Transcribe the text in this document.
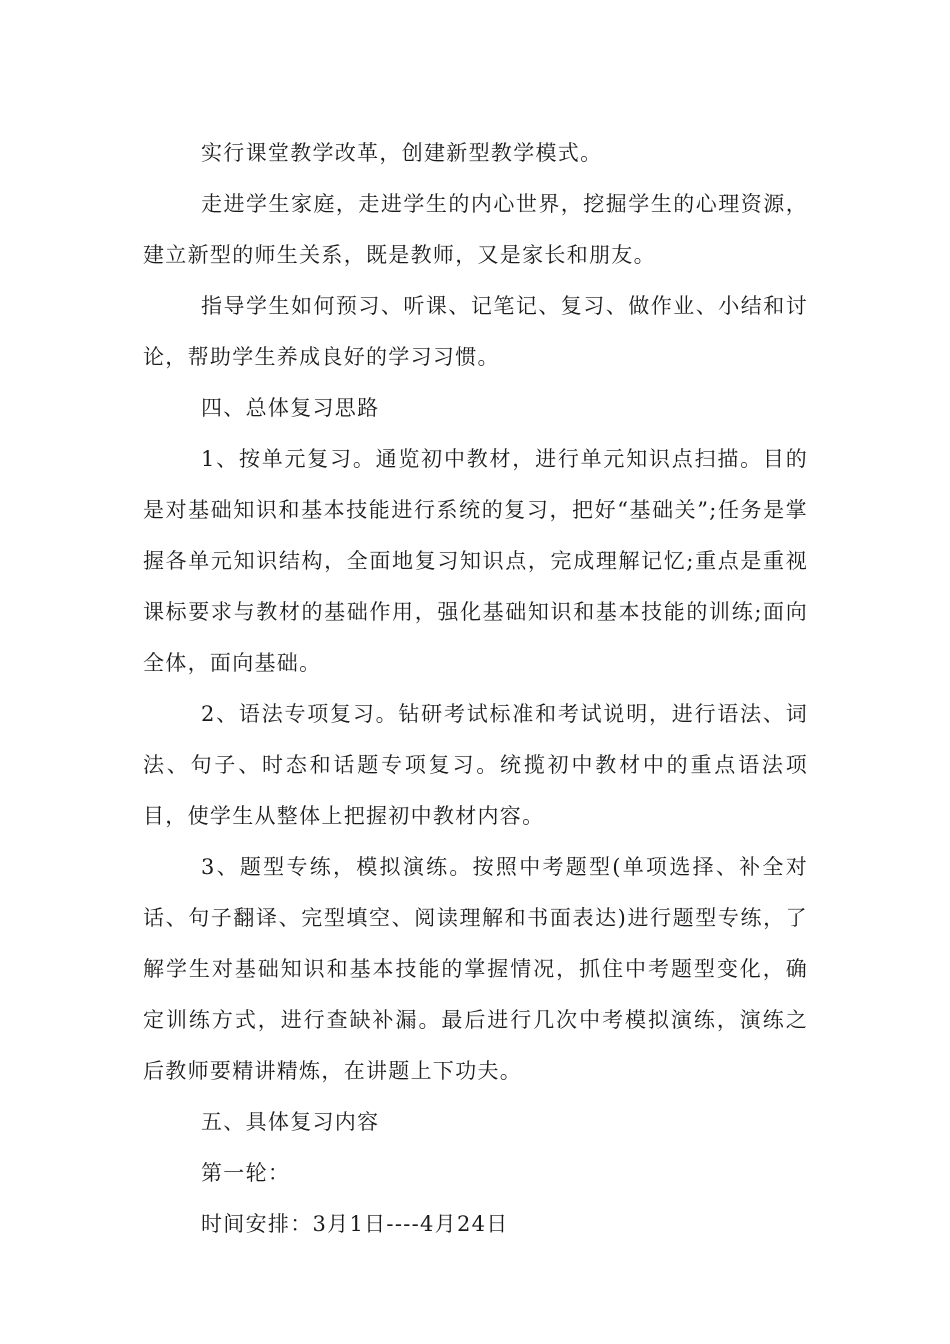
实行课堂教学改革，创建新型教学模式。

走进学生家庭，走进学生的内心世界，挖掘学生的心理资源，建立新型的师生关系，既是教师，又是家长和朋友。

指导学生如何预习、听课、记笔记、复习、做作业、小结和讨论，帮助学生养成良好的学习习惯。

四、总体复习思路

1、按单元复习。通览初中教材，进行单元知识点扫描。目的是对基础知识和基本技能进行系统的复习，把好“基础关”;任务是掌握各单元知识结构，全面地复习知识点，完成理解记忆;重点是重视课标要求与教材的基础作用，强化基础知识和基本技能的训练;面向全体，面向基础。

2、语法专项复习。钻研考试标准和考试说明，进行语法、词法、句子、时态和话题专项复习。统揽初中教材中的重点语法项目，使学生从整体上把握初中教材内容。

3、题型专练，模拟演练。按照中考题型(单项选择、补全对话、句子翻译、完型填空、阅读理解和书面表达)进行题型专练，了解学生对基础知识和基本技能的掌握情况，抓住中考题型变化，确定训练方式，进行查缺补漏。最后进行几次中考模拟演练，演练之后教师要精讲精炼，在讲题上下功夫。

五、具体复习内容

第一轮：

时间安排：3月1日----4月24日
